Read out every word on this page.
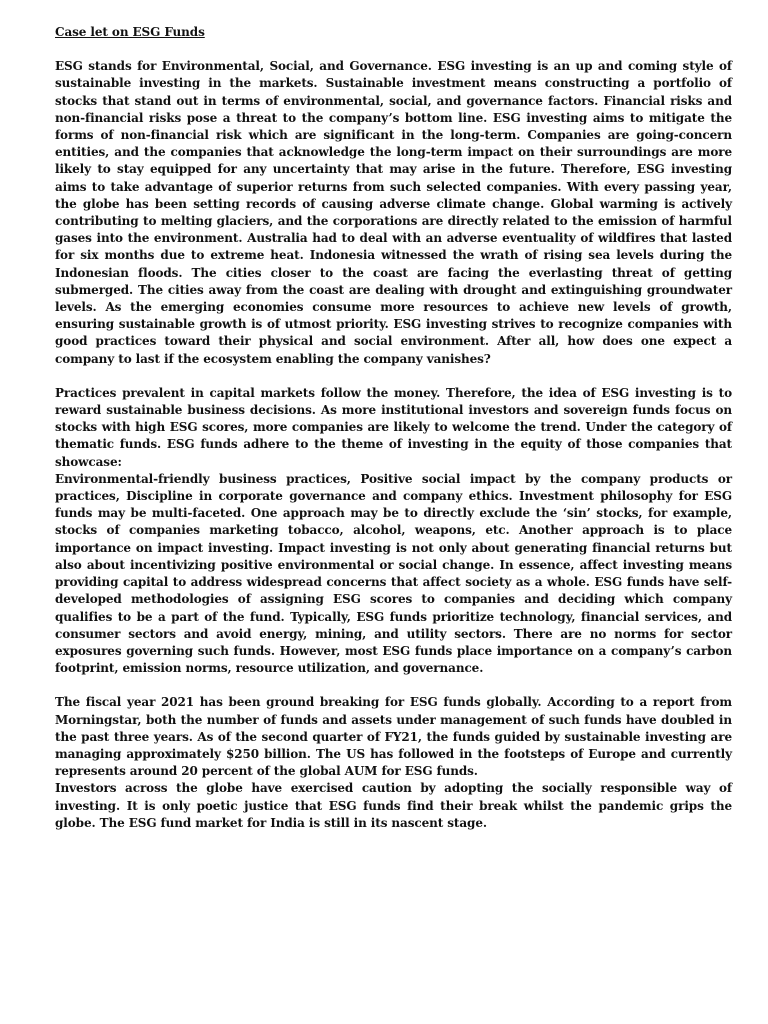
Case let on ESG Funds

ESG stands for Environmental, Social, and Governance. ESG investing is an up and coming style of sustainable investing in the markets. Sustainable investment means constructing a portfolio of stocks that stand out in terms of environmental, social, and governance factors. Financial risks and non-financial risks pose a threat to the company’s bottom line. ESG investing aims to mitigate the forms of non-financial risk which are significant in the long-term. Companies are going-concern entities, and the companies that acknowledge the long-term impact on their surroundings are more likely to stay equipped for any uncertainty that may arise in the future. Therefore, ESG investing aims to take advantage of superior returns from such selected companies. With every passing year, the globe has been setting records of causing adverse climate change. Global warming is actively contributing to melting glaciers, and the corporations are directly related to the emission of harmful gases into the environment. Australia had to deal with an adverse eventuality of wildfires that lasted for six months due to extreme heat. Indonesia witnessed the wrath of rising sea levels during the Indonesian floods. The cities closer to the coast are facing the everlasting threat of getting submerged. The cities away from the coast are dealing with drought and extinguishing groundwater levels. As the emerging economies consume more resources to achieve new levels of growth, ensuring sustainable growth is of utmost priority. ESG investing strives to recognize companies with good practices toward their physical and social environment. After all, how does one expect a company to last if the ecosystem enabling the company vanishes?

Practices prevalent in capital markets follow the money. Therefore, the idea of ESG investing is to reward sustainable business decisions. As more institutional investors and sovereign funds focus on stocks with high ESG scores, more companies are likely to welcome the trend. Under the category of thematic funds. ESG funds adhere to the theme of investing in the equity of those companies that showcase:

Environmental-friendly business practices, Positive social impact by the company products or practices, Discipline in corporate governance and company ethics. Investment philosophy for ESG funds may be multi-faceted. One approach may be to directly exclude the ‘sin’ stocks, for example, stocks of companies marketing tobacco, alcohol, weapons, etc. Another approach is to place importance on impact investing. Impact investing is not only about generating financial returns but also about incentivizing positive environmental or social change. In essence, affect investing means providing capital to address widespread concerns that affect society as a whole. ESG funds have self-developed methodologies of assigning ESG scores to companies and deciding which company qualifies to be a part of the fund. Typically, ESG funds prioritize technology, financial services, and consumer sectors and avoid energy, mining, and utility sectors. There are no norms for sector exposures governing such funds. However, most ESG funds place importance on a company’s carbon footprint, emission norms, resource utilization, and governance.

The fiscal year 2021 has been ground breaking for ESG funds globally. According to a report from Morningstar, both the number of funds and assets under management of such funds have doubled in the past three years. As of the second quarter of FY21, the funds guided by sustainable investing are managing approximately $250 billion. The US has followed in the footsteps of Europe and currently represents around 20 percent of the global AUM for ESG funds.

Investors across the globe have exercised caution by adopting the socially responsible way of investing. It is only poetic justice that ESG funds find their break whilst the pandemic grips the globe. The ESG fund market for India is still in its nascent stage.
